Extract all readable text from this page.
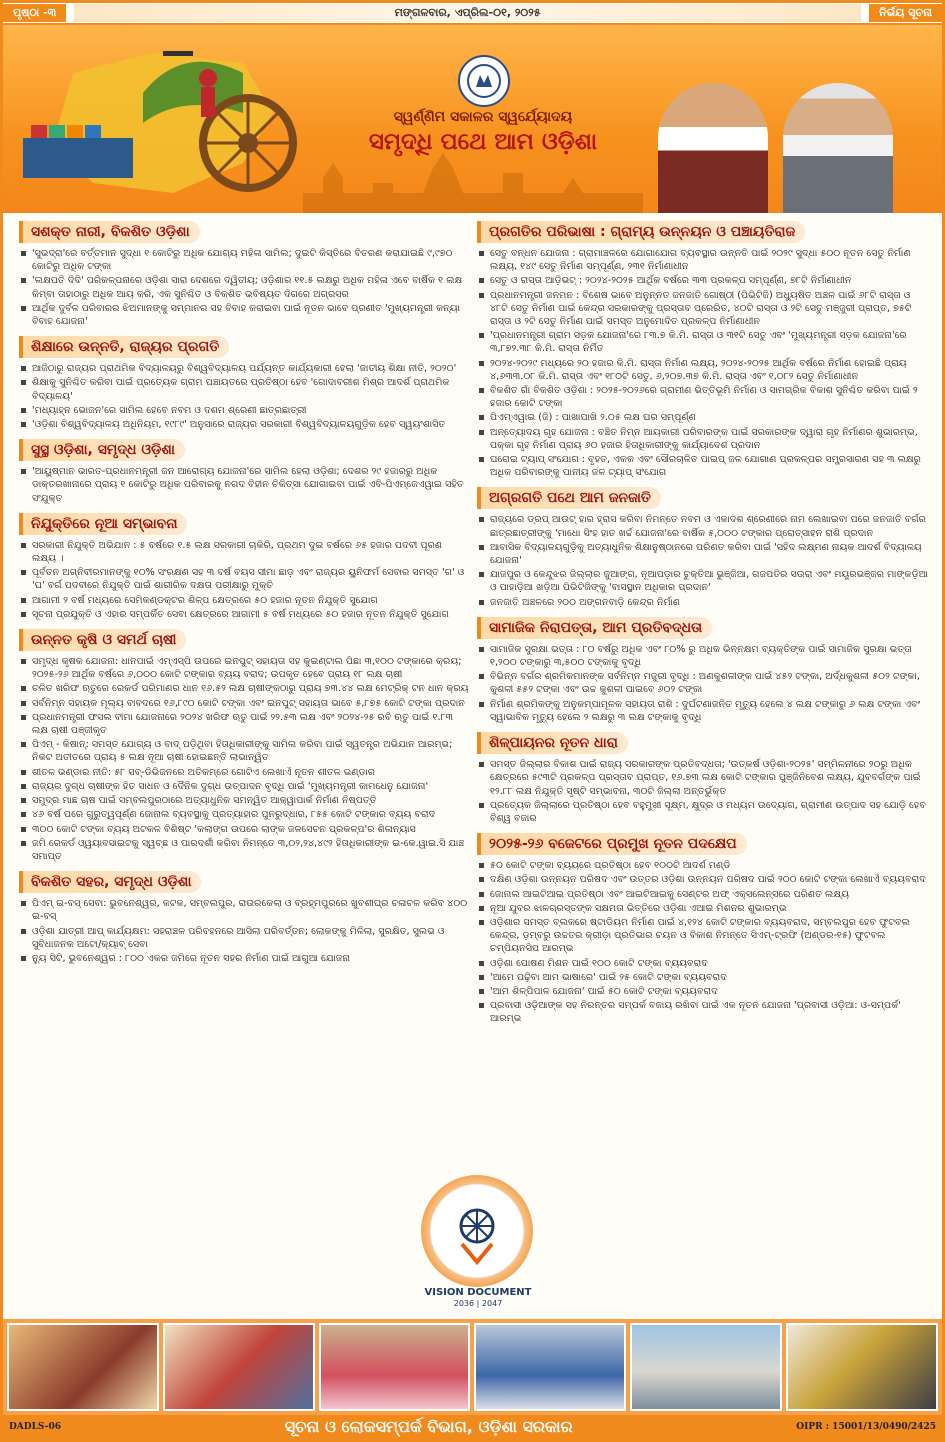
ପୃଷ୍ଠା -୩	ମଙ୍ଗଳବାର, ଏପ୍ରିଲ-୦୧, ୨୦୨୫	ନିର୍ଭୟ ସୂଚନା
ସ୍ୱର୍ଣ୍ଣିମ ସକାଳର ସ୍ୱର୍ଯ୍ୟୋଦୟ
ସମୃଦ୍ଧି ପଥେ ଆମ ଓଡ଼ିଶା
ସଶକ୍ତ ନାରୀ, ବିକଶିତ ଓଡ଼ିଶା
'ସୁଭଦ୍ରା'ରେ ବର୍ତ୍ତମାନ ସୁଦ୍ଧା ୧ କୋଟିରୁ ଅଧିକ ଯୋଗ୍ୟ ମହିଳା ସାମିଲ; ଦୁଇଟି କିସ୍ତିରେ ବିତରଣ କରାଯାଇଛି ୯,୯୭୦ କୋଟିରୁ ଅଧିକ ଟଙ୍କା
'ଲକ୍ଷପତି ଦିଦି' ପରିକଳ୍ପନାରେ ଓଡ଼ିଶା ସାରା ଦେଶରେ ଦ୍ୱିତୀୟ; ଓଡ଼ିଶାର ୧୧.୫ ଲକ୍ଷରୁ ଅଧିକ ମହିଳା ଏବେ ବାର୍ଷିକ ୧ ଲକ୍ଷ କିମ୍ବା ତାହାଠାରୁ ଅଧିକ ଆୟ କରି, ଏକ ସୁନିଶ୍ଚିତ ଓ ବିକଶିତ ଭବିଷ୍ୟତ ଦିଗରେ ଅଗ୍ରସର
ଆର୍ଥିକ ଦୁର୍ବଳ ପରିବାରର ଝିଅମାନଙ୍କୁ ସମ୍ମାନର ସହ ବିବାହ କରାଇବା ପାଇଁ ନୂତନ ଭାବେ ପ୍ରଣୀତ 'ମୁଖ୍ୟମନ୍ତ୍ରୀ କନ୍ୟା ବିବାହ ଯୋଜନା'
ଶିକ୍ଷାରେ ଉନ୍ନତି, ରାଜ୍ୟର ପ୍ରଗତି
ଆଜିଠାରୁ ରାଜ୍ୟର ପ୍ରାଥମିକ ବିଦ୍ୟାଳୟରୁ ବିଶ୍ୱବିଦ୍ୟାଳୟ ପର୍ଯ୍ୟନ୍ତ କାର୍ଯ୍ୟକାରୀ ହେଲା 'ଜାତୀୟ ଶିକ୍ଷା ନୀତି, ୨୦୨୦'
ଶିକ୍ଷାକୁ ସୁନିଶ୍ଚିତ କରିବା ପାଇଁ ପ୍ରତ୍ୟେକ ଗ୍ରାମ ପଞ୍ଚାୟତରେ ପ୍ରତିଷ୍ଠା ହେବ 'ଗୋଦାବରୀଶ ମିଶ୍ର ଆଦର୍ଶ ପ୍ରାଥମିକ ବିଦ୍ୟାଳୟ'
'ମଧ୍ୟାହ୍ନ ଭୋଜନ'ରେ ସାମିଲ ହେବେ ନବମ ଓ ଦଶମ ଶ୍ରେଣୀ ଛାତ୍ରଛାତ୍ରୀ
'ଓଡ଼ିଶା ବିଶ୍ୱବିଦ୍ୟାଳୟ ଅଧିନିୟମ, ୧୯୮୯' ଅନୁସାରେ ରାଜ୍ୟର ସରକାରୀ ବିଶ୍ୱବିଦ୍ୟାଳୟଗୁଡ଼ିକ ହେବ ସ୍ୱୟଂଶାସିତ
ସୁସ୍ଥ ଓଡ଼ିଶା, ସମୃଦ୍ଧ ଓଡ଼ିଶା
'ଆୟୁଷ୍ମାନ ଭାରତ-ପ୍ରଧାନମନ୍ତ୍ରୀ ଜନ ଆରୋଗ୍ୟ ଯୋଜନା'ରେ ସାମିଲ ହେଲା ଓଡ଼ିଶା; ଦେଶର ୨୯ ହଜାରରୁ ଅଧିକ ଡାକ୍ତରଖାନାରେ ପ୍ରାୟ ୧ କୋଟିରୁ ଅଧିକ ପରିବାରକୁ ନଗଦ ବିହୀନ ଚିକିତ୍ସା ଯୋଗାଇବା ପାଇଁ ଏବି-ପିଏମ୍‌ଜେଏୱାଇ ସହିତ ସଂଯୁକ୍ତ
ନିଯୁକ୍ତିରେ ନୂଆ ସମ୍ଭାବନା
ସରକାରୀ ନିଯୁକ୍ତି ଅଭିଯାନ : ୫ ବର୍ଷରେ ୧.୫ ଲକ୍ଷ ସରକାରୀ ଚାକିରି, ପ୍ରଥମ ଦୁଇ ବର୍ଷରେ ୬୫ ହଜାର ପଦବୀ ପୂରଣ ଲକ୍ଷ୍ୟ ।
ପୂର୍ବତନ ଅଗ୍ନିବୀରମାନଙ୍କୁ ୧୦% ସଂରକ୍ଷଣ ସହ ୩ ବର୍ଷ ବୟସ ସୀମା ଛାଡ଼ ଏବଂ ରାଜ୍ୟର ୟୁନିଫର୍ମ ସେବାର ସମସ୍ତ 'ଗ' ଓ 'ଘ' ବର୍ଗ ପଦବୀରେ ନିଯୁକ୍ତି ପାଇଁ ଶାରୀରିକ ଦକ୍ଷତା ପରୀକ୍ଷାରୁ ମୁକ୍ତି
ଆଗାମୀ ୨ ବର୍ଷ ମଧ୍ୟରେ ସେମିକଣ୍ଡକ୍ଟର ଶିଳ୍ପ କ୍ଷେତ୍ରରେ ୫୦ ହଜାର ନୂତନ ନିଯୁକ୍ତି ସୁଯୋଗ
ସୂଚନା ପ୍ରଯୁକ୍ତି ଓ ଏହାର ସମ୍ପର୍କିତ ସେବା କ୍ଷେତ୍ରରେ ଆଗାମୀ ୫ ବର୍ଷ ମଧ୍ୟରେ ୫୦ ହଜାର ନୂତନ ନିଯୁକ୍ତି ସୁଯୋଗ
ଉନ୍ନତ କୃଷି ଓ ସମର୍ଥ ଚାଷୀ
ସମୃଦ୍ଧ କୃଷକ ଯୋଜନା: ଧାନପାଇଁ ଏମ୍‌ଏସ୍‌ପି ଉପରେ ଇନପୁଟ୍ ସହାୟତା ସହ କୁଇଣ୍ଟାଲ ପିଛା ୩,୧୦୦ ଟଙ୍କାରେ କ୍ରୟ; ୨୦୨୫-୨୬ ଆର୍ଥିକ ବର୍ଷରେ ୬,୦୦୦ କୋଟି ଟଙ୍କାର ବ୍ୟୟ ବରାଦ; ଉପକୃତ ହେବେ ପ୍ରାୟ ୧୮ ଲକ୍ଷ ଚାଷୀ
ଚଳିତ ଖରିଫ ଋତୁରେ ରେକର୍ଡ ପରିମାଣର ଧାନ ୧୬.୫୨ ଲକ୍ଷ ଚାଷୀଙ୍କଠାରୁ ପ୍ରାୟ ୭୩.୪୪ ଲକ୍ଷ ମେଟ୍ରିକ୍ ଟନ ଧାନ କ୍ରୟ
ସର୍ବନିମ୍ନ ସହାୟକ ମୂଲ୍ୟ ବାବଦରେ ୧୬,୮୯୦ କୋଟି ଟଙ୍କା ଏବଂ ଇନପୁଟ୍ ସହାୟତା ଭାବେ ୫,୮୭୫ କୋଟି ଟଙ୍କା ପ୍ରଦାନ
ପ୍ରଧାନମନ୍ତ୍ରୀ ଫସଲ ବୀମା ଯୋଜନାରେ ୨୦୨୪ ଖରିଫ ଋତୁ ପାଇଁ ୨୨.୫୩ ଲକ୍ଷ ଏବଂ ୨୦୨୪-୨୫ ରବି ଋତୁ ପାଇଁ ୧.୮୩ ଲକ୍ଷ ଚାଷୀ ପଞ୍ଜୀକୃତ
ପିଏମ୍ - କିଷାନ୍: ସମସ୍ତ ଯୋଗ୍ୟ ଓ ବାଦ୍ ପଡ଼ିଥିବା ହିତାଧିକାରୀଙ୍କୁ ସାମିଲ କରିବା ପାଇଁ ସ୍ୱତନ୍ତ୍ର ଅଭିଯାନ ଆରମ୍ଭ; ନିକଟ ଅତୀତରେ ପ୍ରାୟ ୫ ଲକ୍ଷ ନୂଆ ଚାଷୀ ହୋଇଛନ୍ତି ଲାଭାନ୍ୱିତ
ଶୀତଳ ଭଣ୍ଡାର ନୀତି: ୫୮ ସବ୍-ଡିଭିଜନରେ ଅତିକମ୍‌ରେ ଗୋଟିଏ ଲେଖାଏଁ ନୂତନ ଶୀତଳ ଭଣ୍ଡାର
ରାଜ୍ୟର ଦୁଗ୍ଧ ଚାଷୀଙ୍କ ହିତ ସାଧନ ଓ ଦୈନିକ ଦୁଗ୍ଧ ଉତ୍ପାଦନ ବୃଦ୍ଧି ପାଇଁ 'ମୁଖ୍ୟମନ୍ତ୍ରୀ କାମଧେନୁ ଯୋଜନା'
ସମୁଦ୍ର ମାଛ ଚାଷ ପାଇଁ ସମ୍ବଲପୁରଠାରେ ଅତ୍ୟାଧୁନିକ ସମନ୍ୱିତ ଆକ୍ୱାପାର୍କ ନିର୍ମାଣ ନିଷ୍ପତ୍ତି
୪୬ ବର୍ଷ ପରେ ଗୁରୁତ୍ୱପୂର୍ଣ୍ଣ ଜୋନାଲ ବ୍ୟବସ୍ଥାକୁ ପ୍ରତ୍ୟାହାର ପୁନରୁଦ୍ଧାର, ୮୫୫ କୋଟି ଟଙ୍କାର ବ୍ୟୟ ବରାଦ
୩୦୦ କୋଟି ଟଙ୍କା ବ୍ୟୟ ଅଟକଳ ବିଶିଷ୍ଟ 'କଲାଙ୍ଗ ଉପରେ ଲାଙ୍କ ଜଳସେଚନ ପ୍ରକଳ୍ପ'ର ଶିଳାନ୍ୟାସ
ଜମି ରେକର୍ଡ ଓ୍ୱୟାବସାଇଟକୁ ସ୍ୱଚ୍ଛ ଓ ପାରଦର୍ଶୀ କରିବା ନିମନ୍ତେ ୩,୦୨,୨୪,୪୯୨ ହିତାଧିକାରୀଙ୍କ ଇ-କେ.ୱାଇ.ସି ଯାଞ୍ଚ ସମାପ୍ତ
ବିକଶିତ ସହର, ସମୃଦ୍ଧ ଓଡ଼ିଶା
ପିଏମ୍ ଇ-ବସ୍ ସେବା: ଭୁବନେଶ୍ୱର, କଟକ, ସମ୍ବଲପୁର, ରାଉରକେଲା ଓ ବ୍ରହ୍ମପୁରରେ ଖୁବଶୀଘ୍ର ଚଳାଚଳ କରିବ ୪୦୦ ଇ-ବସ୍
ଓଡ଼ିଶା ଯାତ୍ରୀ ଆପ୍ କାର୍ଯ୍ୟକ୍ଷମ: ସହରାଞ୍ଚଳ ପରିବହନରେ ଆସିଲା ପରିବର୍ତ୍ତନ; ଲୋକଙ୍କୁ ମିଳିଲା, ସୁରକ୍ଷିତ, ସୁଲଭ ଓ ସୁବିଧାଜନକ ଅଟୋ/କ୍ୟାବ୍ ସେବା
ନ୍ୟୁ ସିଟି, ଭୁବନେଶ୍ୱର : ୮୦୦ ଏକର ଜମିରେ ନୂତନ ସହର ନିର୍ମାଣ ପାଇଁ ଆଗୁଆ ଯୋଜନା
ପ୍ରଗତିର ପରିଭାଷା : ଗ୍ରାମ୍ୟ ଉନ୍ନୟନ ଓ ପଞ୍ଚାୟତିରାଜ
ସେତୁ ବନ୍ଧନ ଯୋଜନା : ଗ୍ରାମାଞ୍ଚଳରେ ଯୋଗାଯୋଗ ବ୍ୟବସ୍ଥାର ଉନ୍ନତି ପାଇଁ ୨୦୨୯ ସୁଦ୍ଧା ୫୦୦ ନୂତନ ସେତୁ ନିର୍ମାଣ ଲକ୍ଷ୍ୟ, ୧୪୯ ସେତୁ ନିର୍ମାଣ ସମ୍ପୂର୍ଣ୍ଣ, ୨୩୧ ନିର୍ମାଣାଧୀନ
ସେତୁ ଓ ରାସ୍ତା ଆଡ଼ିଭଟ୍ : ୨୦୨୪-୨୦୨୫ ଆର୍ଥିକ ବର୍ଷରେ ୩୩ ପ୍ରକଳ୍ପ ସମ୍ପୂର୍ଣ୍ଣ, ୭୮ଟି ନିର୍ମାଣାଧୀନ
ପ୍ରଧାନମନ୍ତ୍ରୀ ଜନମନ : ବିଶେଷ ଭାବେ ଅନୁନ୍ନତ ଜନଜାତି ଗୋଷ୍ଠୀ (ପିଭିଟିଜି) ଅଧ୍ୟୁଷିତ ଅଞ୍ଚଳ ପାଇଁ ୬୮ଟି ରାସ୍ତା ଓ ୪୮ଟି ସେତୁ ନିର୍ମାଣ ପାଇଁ କେନ୍ଦ୍ର ସରକାରଙ୍କୁ ପ୍ରସ୍ତାବ ପ୍ରେରିତ, ୪୦ଟି ରାସ୍ତା ଓ ୨ଟି ସେତୁ ମଞ୍ଜୁରୀ ପ୍ରାପ୍ତ, ୭୫ଟି ରାସ୍ତା ଓ ୨ଟି ସେତୁ ନିର୍ମାଣ ପାଇଁ ସମସ୍ତ ଅନୁମୋଦିତ ପ୍ରକଳ୍ପ ନିର୍ମାଣାଧୀନ
'ପ୍ରଧାନମନ୍ତ୍ରୀ ଗ୍ରାମ ସଡ଼କ ଯୋଜନା'ରେ ୮୩.୭ କି.ମି. ରାସ୍ତା ଓ ୩୧ଟି ସେତୁ ଏବଂ 'ମୁଖ୍ୟମନ୍ତ୍ରୀ ସଡ଼କ ଯୋଜନା'ରେ ୩,୮୭୨.୩୮ କି.ମି. ରାସ୍ତା ନିର୍ମିତ
୨୦୨୪-୨୦୨୯ ମଧ୍ୟରେ ୨୦ ହଜାର କି.ମି. ରାସ୍ତା ନିର୍ମାଣ ଲକ୍ଷ୍ୟ, ୨୦୨୪-୨୦୨୫ ଆର୍ଥିକ ବର୍ଷରେ ନିର୍ମାଣ ହୋଇଛି ପ୍ରାୟ ୪,୬୩୩.୦୮ କି.ମି. ରାସ୍ତା ଏବଂ ୧୮୦ଟି ସେତୁ, ୬,୨୦୭.୩୭ କି.ମି. ରାସ୍ତା ଏବଂ ୧,୦୮୨ ସେତୁ ନିର୍ମାଣାଧୀନ
ବିକଶିତ ଗାଁ ବିକଶିତ ଓଡ଼ିଶା : ୨୦୨୫-୨୦୨୬ରେ ଗ୍ରାମୀଣ ଭିତ୍ତିଭୂମି ନିର୍ମାଣ ଓ ସାମଗ୍ରିକ ବିକାଶ ସୁନିଶ୍ଚିତ କରିବା ପାଇଁ ୨ ହଜାର କୋଟି ଟଙ୍କା
ପିଏମ୍‌ଏୱାଇ (ଜି) : ପାଖାପାଖି ୨.୦୫ ଲକ୍ଷ ଘର ସମ୍ପୂର୍ଣ୍ଣ
ଅନ୍ତ୍ୟୋଦୟ ଗୃହ ଯୋଜନା : ବଞ୍ଚିତ ନିମ୍ନ ଆୟକାରୀ ପରିବାରଙ୍କ ପାଇଁ ସରକାରଙ୍କ ଦ୍ୱାରା ଗୃହ ନିର୍ମାଣର ଶୁଭାରମ୍ଭ, ପକ୍କା ଗୃହ ନିର୍ମାଣ ପ୍ରାୟ ୬୦ ହଜାର ହିତାଧିକାରୀଙ୍କୁ କାର୍ଯ୍ୟାଦେଶ ପ୍ରଦାନ
ଘରୋଇ ଟ୍ୟାପ୍ ସଂଯୋଗ : ବୃହତ, ଏକକ ଏବଂ ସୌରଚାଳିତ ପାଇପ୍ ଜଳ ଯୋଗାଣ ପ୍ରକଳ୍ପର ସମ୍ପ୍ରସାରଣ ସହ ୩ ଲକ୍ଷରୁ ଅଧିକ ପରିବାରଙ୍କୁ ପାନୀୟ ଜଳ ଟ୍ୟାପ୍ ସଂଯୋଗ
ଅଗ୍ରଗତି ପଥେ ଆମ ଜନଜାତି
ରାଜ୍ୟରେ ଡ୍ରପ୍ ଆଉଟ୍ ହାର ହ୍ରାସ କରିବା ନିମନ୍ତେ ନବମ ଓ ଏକାଦଶ ଶ୍ରେଣୀରେ ନାମ ଲେଖାଇବା ପରେ ଜନଜାତି ବର୍ଗର ଛାତ୍ରଛାତ୍ରୀଙ୍କୁ 'ମାଧୋ ସିଂହ ହାତ ଖର୍ଚ୍ଚ ଯୋଜନା'ରେ ବାର୍ଷିକ ୫,୦୦୦ ଟଙ୍କାର ପ୍ରୋତ୍ସାହନ ରାଶି ପ୍ରଦାନ
ଆବାସିକ ବିଦ୍ୟାଳୟଗୁଡ଼ିକୁ ଅତ୍ୟାଧୁନିକ ଶିକ୍ଷାନୁଷ୍ଠାନରେ ପରିଣତ କରିବା ପାଇଁ 'ସହିଦ ଲକ୍ଷ୍ମଣ ନାୟକ ଆଦର୍ଶ ବିଦ୍ୟାଳୟ ଯୋଜନା'
ଯାଜପୁର ଓ କେନ୍ଦୁଝର ଜିଲ୍ଲାର ଜୁଆଙ୍ଗ, ନୂଆପଡ଼ାର ଚୁକ୍ତିଆ ଭୁଞ୍ଜିଆ, ଗଜପତିର ସଉରା ଏବଂ ମୟୂରଭଞ୍ଜର ମାଙ୍କଡ଼ିଆ ଓ ପାହାଡ଼ିଆ ଖଡ଼ିଆ ପିଭିଟିଜିଙ୍କୁ 'ବାସସ୍ଥାନ ଅଧିକାର ପ୍ରଦାନ'
ଜନଜାତି ଅଞ୍ଚଳରେ ୨୦୦ ଅଙ୍ଗନବାଡ଼ି କେନ୍ଦ୍ର ନିର୍ମାଣ
ସାମାଜିକ ନିରାପତ୍ତା, ଆମ ପ୍ରତିବଦ୍ଧତା
ସାମାଜିକ ସୁରକ୍ଷା ଭତ୍ତା : ୮୦ ବର୍ଷରୁ ଅଧିକ ଏବଂ ୮୦% ରୁ ଅଧିକ ଭିନ୍ନକ୍ଷମ ବ୍ୟକ୍ତିଙ୍କ ପାଇଁ ସାମାଜିକ ସୁରକ୍ଷା ଭତ୍ତା ୧,୨୦୦ ଟଙ୍କାରୁ ୩,୫୦୦ ଟଙ୍କାକୁ ବୃଦ୍ଧି
ବିଭିନ୍ନ ବର୍ଗର ଶ୍ରମିକମାନଙ୍କ ସର୍ବନିମ୍ନ ମଜୁରୀ ବୃଦ୍ଧି : ଅଣକୁଶଳୀଙ୍କ ପାଇଁ ୪୫୨ ଟଙ୍କା, ଅର୍ଦ୍ଧକୁଶଳୀ ୫୦୨ ଟଙ୍କା, କୁଶଳୀ ୫୫୨ ଟଙ୍କା ଏବଂ ଉଚ୍ଚ କୁଶଳୀ ପାଇବେ ୬୦୨ ଟଙ୍କା
ନିର୍ମାଣ ଶ୍ରମିକଙ୍କୁ ଅନୁକମ୍ପାମୂଳକ ସହାୟତା ରାଶି : ଦୁର୍ଘଟଣାଜନିତ ମୃତ୍ୟୁ ହେଲେ ୪ ଲକ୍ଷ ଟଙ୍କାରୁ ୬ ଲକ୍ଷ ଟଙ୍କା ଏବଂ ସ୍ୱାଭାବିକ ମୃତ୍ୟୁ ହେଲେ ୨ ଲକ୍ଷରୁ ୩ ଲକ୍ଷ ଟଙ୍କାକୁ ବୃଦ୍ଧି
ଶିଳ୍ପାୟନର ନୂତନ ଧାରା
ସମସ୍ତ ଜିଲ୍ଲାର ବିକାଶ ପାଇଁ ରାଜ୍ୟ ସରକାରଙ୍କ ପ୍ରତିବଦ୍ଧତା; 'ଉତ୍କର୍ଷ ଓଡ଼ିଶା-୨୦୨୫' ସମ୍ମିଳନୀରେ ୨୦ରୁ ଅଧିକ କ୍ଷେତ୍ରରେ ୫୯୩ଟି ପ୍ରକଳ୍ପ ପ୍ରସ୍ତାବ ପ୍ରାପ୍ତ, ୧୬.୭୩ ଲକ୍ଷ କୋଟି ଟଙ୍କାର ପୁଞ୍ଜିନିବେଶ ଲକ୍ଷ୍ୟ, ଯୁବବର୍ଗଙ୍କ ପାଇଁ ୧୨.୮୮ ଲକ୍ଷ ନିଯୁକ୍ତି ସୃଷ୍ଟି ସମ୍ଭାବନା, ୩୦ଟି ଜିଲ୍ଲା ଅନ୍ତର୍ଭୁକ୍ତ
ପ୍ରତ୍ୟେକ ଜିଲ୍ଲାରେ ପ୍ରତିଷ୍ଠା ହେବ ବହୁମୁଖୀ ସୂକ୍ଷ୍ମ, କ୍ଷୁଦ୍ର ଓ ମଧ୍ୟମ ଉଦ୍ୟୋଗ, ଗ୍ରାମୀଣ ଉତ୍ପାଦ ସହ ଯୋଡ଼ି ହେବ ବିଶ୍ୱ ବଜାର
୨୦୨୫-୨୬ ବଜେଟରେ ପ୍ରମୁଖ ନୂତନ ପଦକ୍ଷେପ
୫୦ କୋଟି ଟଙ୍କା ବ୍ୟୟରେ ପ୍ରତିଷ୍ଠା ହେବ ୧୦୦ଟି ଆଦର୍ଶ ମଣ୍ଡି
ଦକ୍ଷିଣ ଓଡ଼ିଶା ଉନ୍ନୟନ ପରିଷଦ ଏବଂ ଉତ୍ତର ଓଡ଼ିଶା ଉନ୍ନୟନ ପରିଷଦ ପାଇଁ ୨୦୦ କୋଟି ଟଙ୍କା ଲେଖାଏଁ ବ୍ୟୟବରାଦ
ଜୋନାଲ ଆଇଟିଆଇ ପ୍ରତିଷ୍ଠା ଏବଂ ଆଇଟିଆଇକୁ ସେଣ୍ଟର ଅଫ୍ ଏକ୍ସଲେନ୍ସରେ ପରିଣତ ଲକ୍ଷ୍ୟ
ନୂଆ ଯୁବର ଝାଳଗ୍ରସ୍ତଙ୍କ ସକ୍ଷମତା ଭିତ୍ତିରେ ଓଡ଼ିଶା ଏଆଇ ମିଶନର ଶୁଭାରମ୍ଭ
ଓଡ଼ିଶାର ସମସ୍ତ ବ୍ଲକରେ ଷ୍ଟାଡିୟମ ନିର୍ମାଣ ପାଇଁ ୪,୧୨୪ କୋଟି ଟଙ୍କାର ବ୍ୟୟବରାଦ, ସମ୍ବଲପୁର ହେବ ଫୁଟବଲ କେନ୍ଦ୍ର, ଡ଼ମ୍ବରୁ ଉଚ୍ଚତର କ୍ରୀଡ଼ା ପ୍ରତିଭାର ଚୟନ ଓ ବିକାଶ ନିମନ୍ତେ ସିଏମ୍-ଟ୍ରଫି (ଅଣ୍ଡର-୧୫) ଫୁଟବଲ ଚମ୍ପିୟନସିପ ଆରମ୍ଭ
ଓଡ଼ିଶା ପୋଷଣ ମିଶନ ପାଇଁ ୧୦୦ କୋଟି ଟଙ୍କା ବ୍ୟୟବରାଦ
'ଆମେ ପଢ଼ିବା ଆମ ଭାଷାରେ' ପାଇଁ ୨୫ କୋଟି ଟଙ୍କା ବ୍ୟୟବରାଦ
'ଆମ ଶିଳ୍ପିପାଳ ଯୋଜନା' ପାଇଁ ୫୦ କୋଟି ଟଙ୍କା ବ୍ୟୟବରାଦ
ପ୍ରବାସୀ ଓଡ଼ିଆଙ୍କ ସହ ନିରନ୍ତର ସମ୍ପର୍କ ବଜାୟ ରଖିବା ପାଇଁ ଏକ ନୂତନ ଯୋଜନା 'ପ୍ରବାସୀ ଓଡ଼ିଆ: ଓ-ସମ୍ପର୍କ' ଆରମ୍ଭ
VISION DOCUMENT
2036 | 2047
DADLS-06	ସୂଚନା ଓ ଲୋକସମ୍ପର୍କ ବିଭାଗ, ଓଡ଼ିଶା ସରକାର	OIPR : 15001/13/0490/2425
